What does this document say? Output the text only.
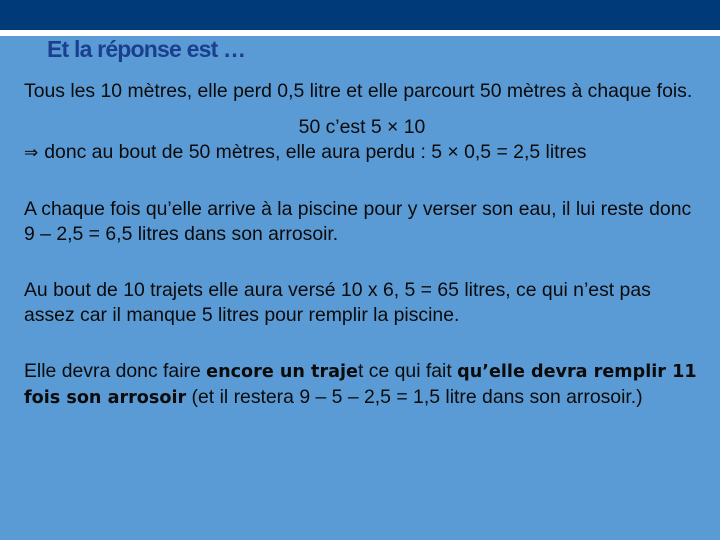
Et la réponse est …

Tous les 10 mètres, elle perd 0,5 litre et elle parcourt 50 mètres à chaque fois.

50 c’est 5 × 10

⇒ donc au bout de 50 mètres, elle aura perdu : 5 × 0,5 = 2,5 litres

A chaque fois qu’elle arrive à la piscine pour y verser son eau, il lui reste donc 9 – 2,5 = 6,5 litres dans son arrosoir.

Au bout de 10 trajets elle aura versé 10 x 6, 5 = 65 litres, ce qui n’est pas assez car il manque 5 litres pour remplir la piscine.

Elle devra donc faire encore un trajet ce qui fait qu’elle devra remplir 11 fois son arrosoir (et il restera 9 – 5 – 2,5 = 1,5 litre dans son arrosoir.)
